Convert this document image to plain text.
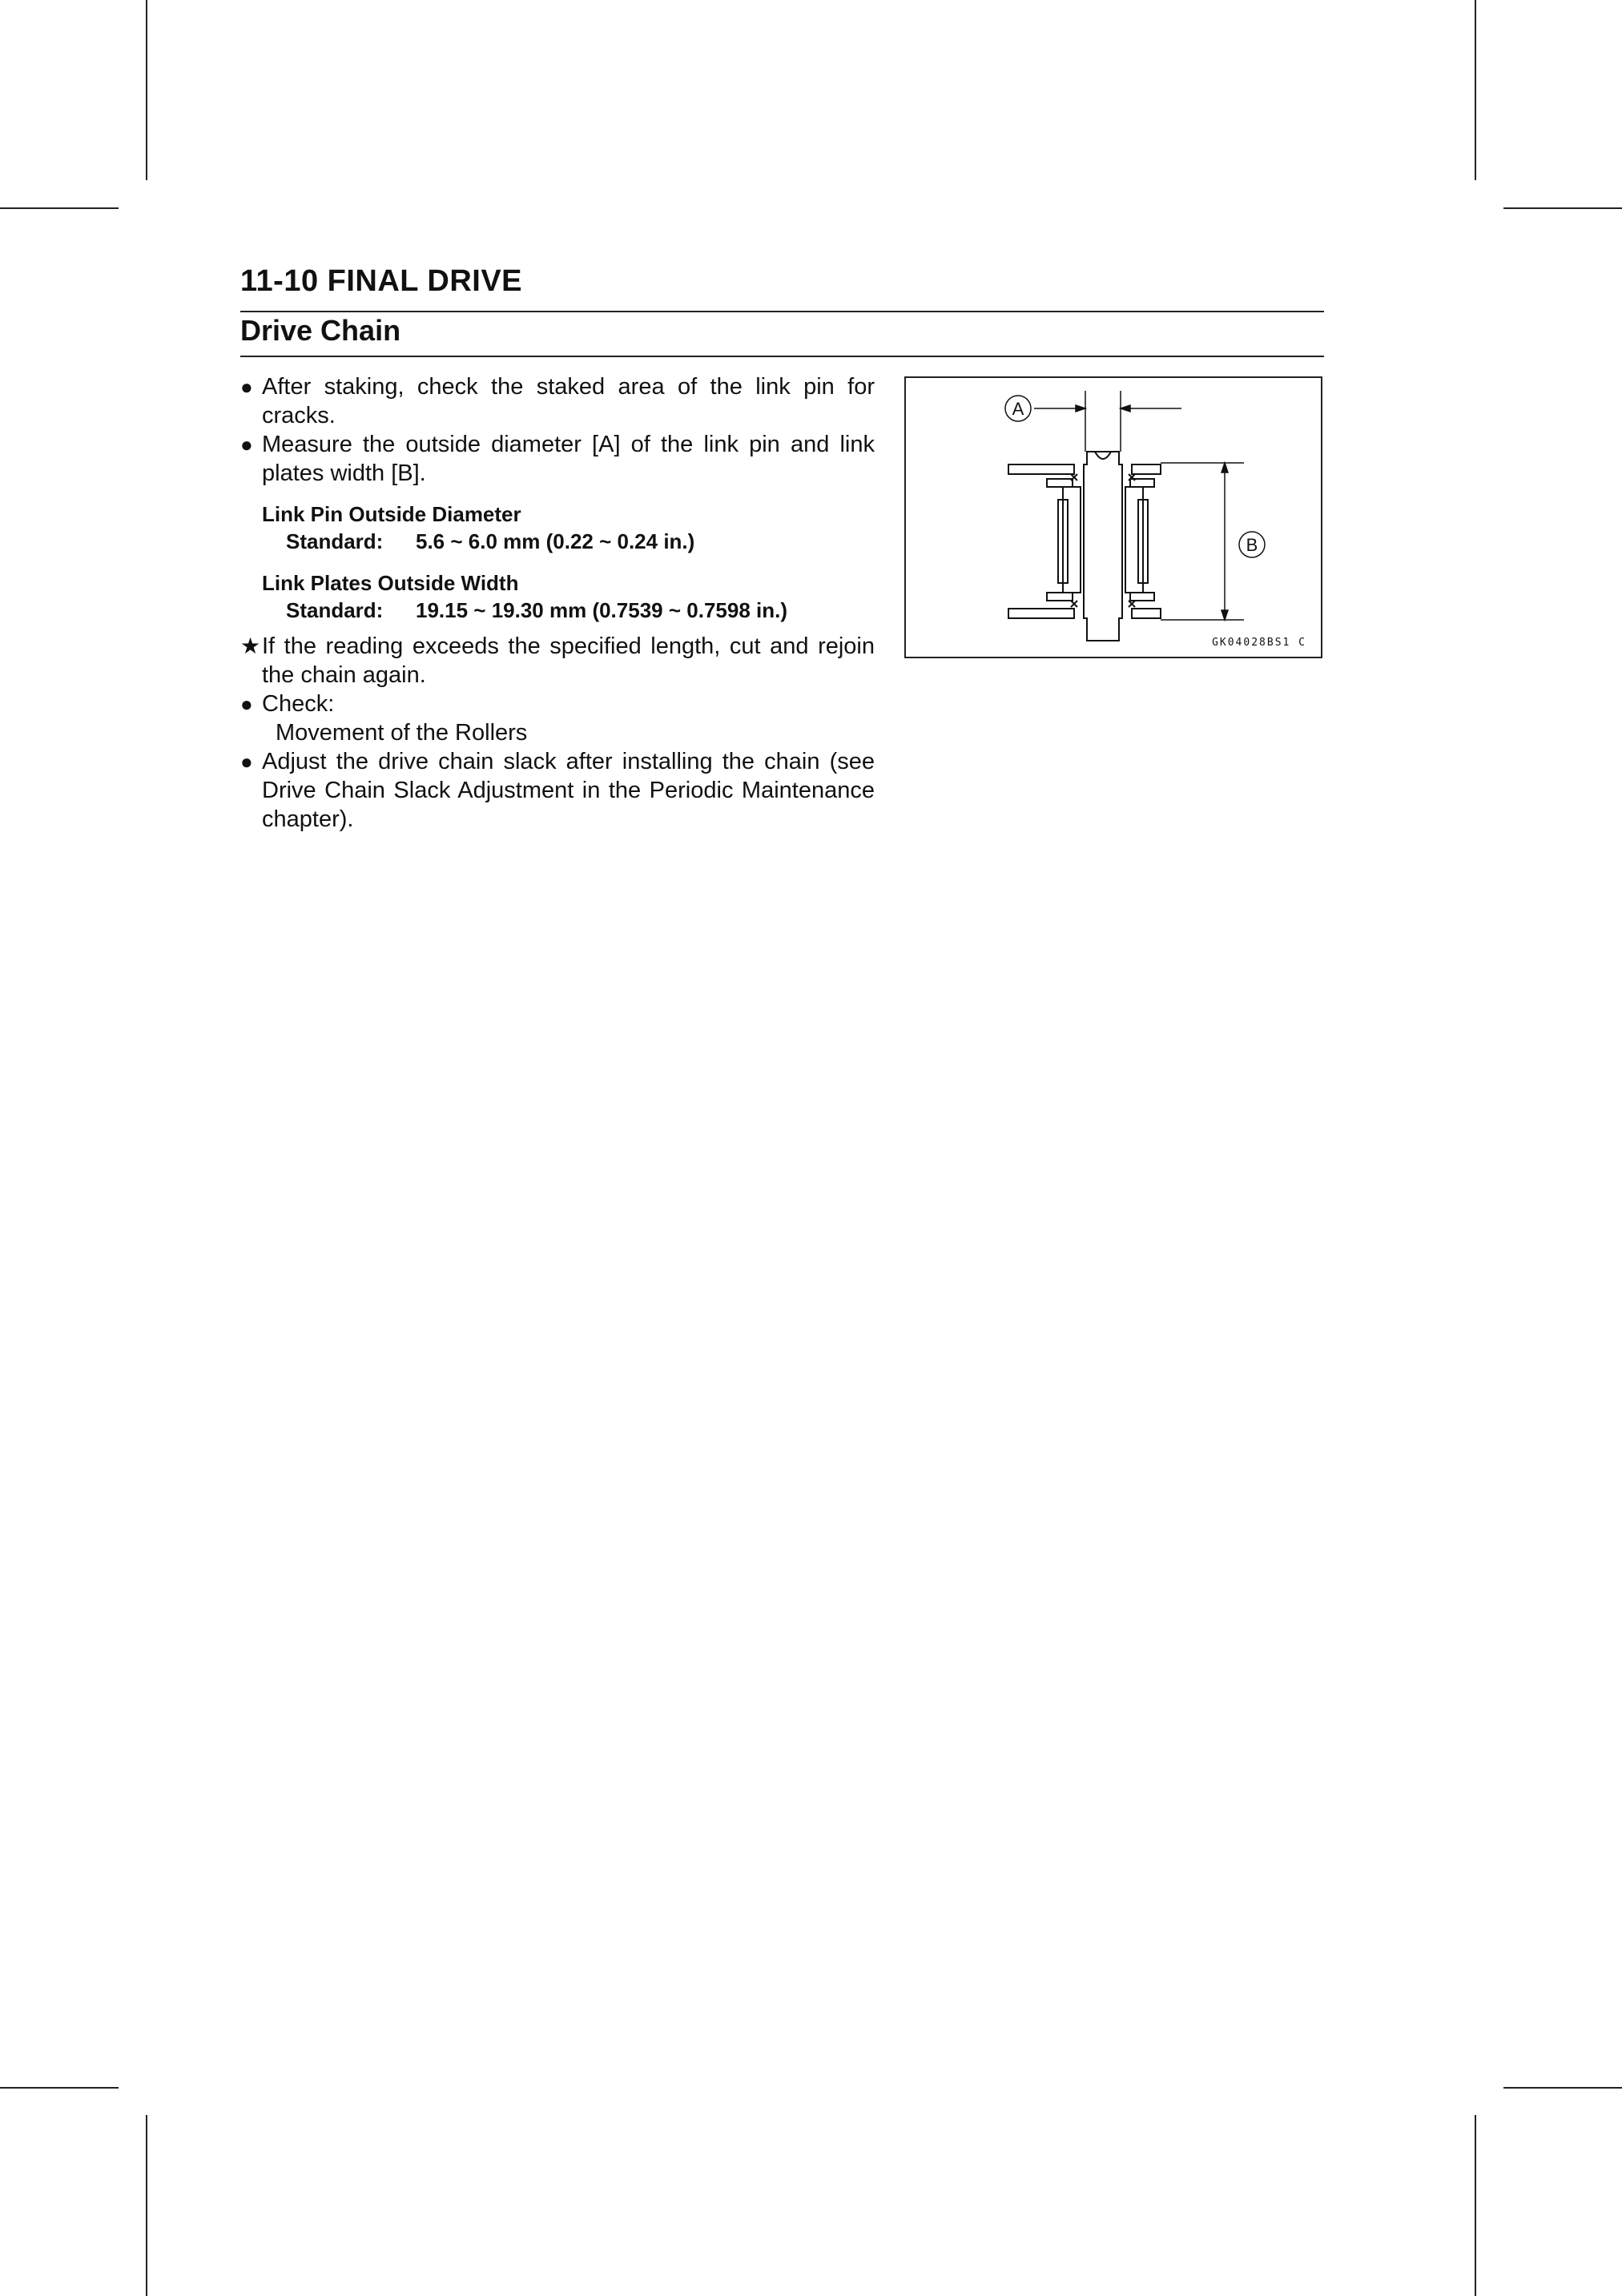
11-10 FINAL DRIVE
Drive Chain
● After staking, check the staked area of the link pin for cracks.
● Measure the outside diameter [A] of the link pin and link plates width [B].
Link Pin Outside Diameter
Standard: 5.6 ~ 6.0 mm (0.22 ~ 0.24 in.)
Link Plates Outside Width
Standard: 19.15 ~ 19.30 mm (0.7539 ~ 0.7598 in.)
★ If the reading exceeds the specified length, cut and rejoin the chain again.
● Check:
Movement of the Rollers
● Adjust the drive chain slack after installing the chain (see Drive Chain Slack Adjustment in the Periodic Maintenance chapter).
A
B
GK04028BS1 C
